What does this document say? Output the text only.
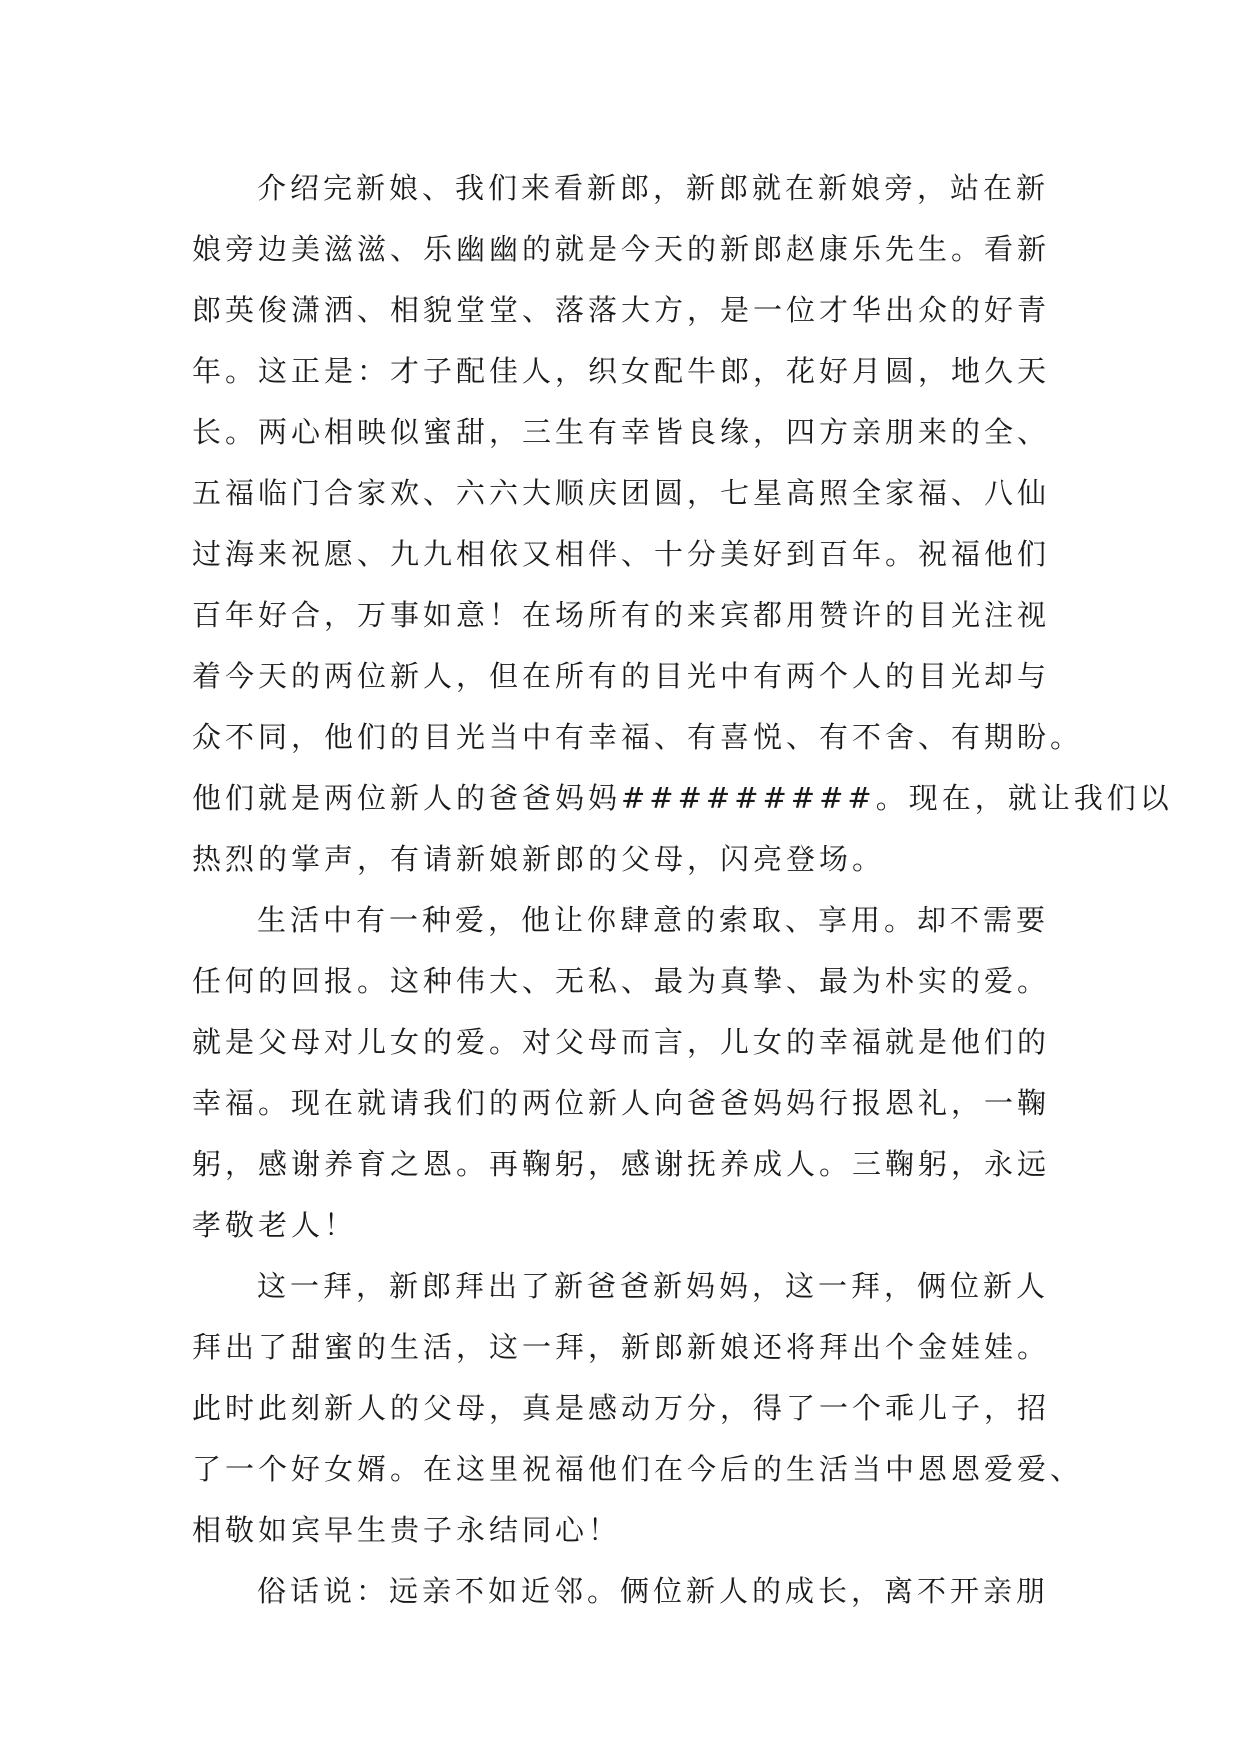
介绍完新娘、我们来看新郎，新郎就在新娘旁，站在新
娘旁边美滋滋、乐幽幽的就是今天的新郎赵康乐先生。看新
郎英俊潇洒、相貌堂堂、落落大方，是一位才华出众的好青
年。这正是：才子配佳人，织女配牛郎，花好月圆，地久天
长。两心相映似蜜甜，三生有幸皆良缘，四方亲朋来的全、
五福临门合家欢、六六大顺庆团圆，七星高照全家福、八仙
过海来祝愿、九九相依又相伴、十分美好到百年。祝福他们
百年好合，万事如意！在场所有的来宾都用赞许的目光注视
着今天的两位新人，但在所有的目光中有两个人的目光却与
众不同，他们的目光当中有幸福、有喜悦、有不舍、有期盼。
他们就是两位新人的爸爸妈妈#########。现在，就让我们以
热烈的掌声，有请新娘新郎的父母，闪亮登场。
生活中有一种爱，他让你肆意的索取、享用。却不需要
任何的回报。这种伟大、无私、最为真挚、最为朴实的爱。
就是父母对儿女的爱。对父母而言，儿女的幸福就是他们的
幸福。现在就请我们的两位新人向爸爸妈妈行报恩礼，一鞠
躬，感谢养育之恩。再鞠躬，感谢抚养成人。三鞠躬，永远
孝敬老人！
这一拜，新郎拜出了新爸爸新妈妈，这一拜，俩位新人
拜出了甜蜜的生活，这一拜，新郎新娘还将拜出个金娃娃。
此时此刻新人的父母，真是感动万分，得了一个乖儿子，招
了一个好女婿。在这里祝福他们在今后的生活当中恩恩爱爱、
相敬如宾早生贵子永结同心！
俗话说：远亲不如近邻。俩位新人的成长，离不开亲朋
